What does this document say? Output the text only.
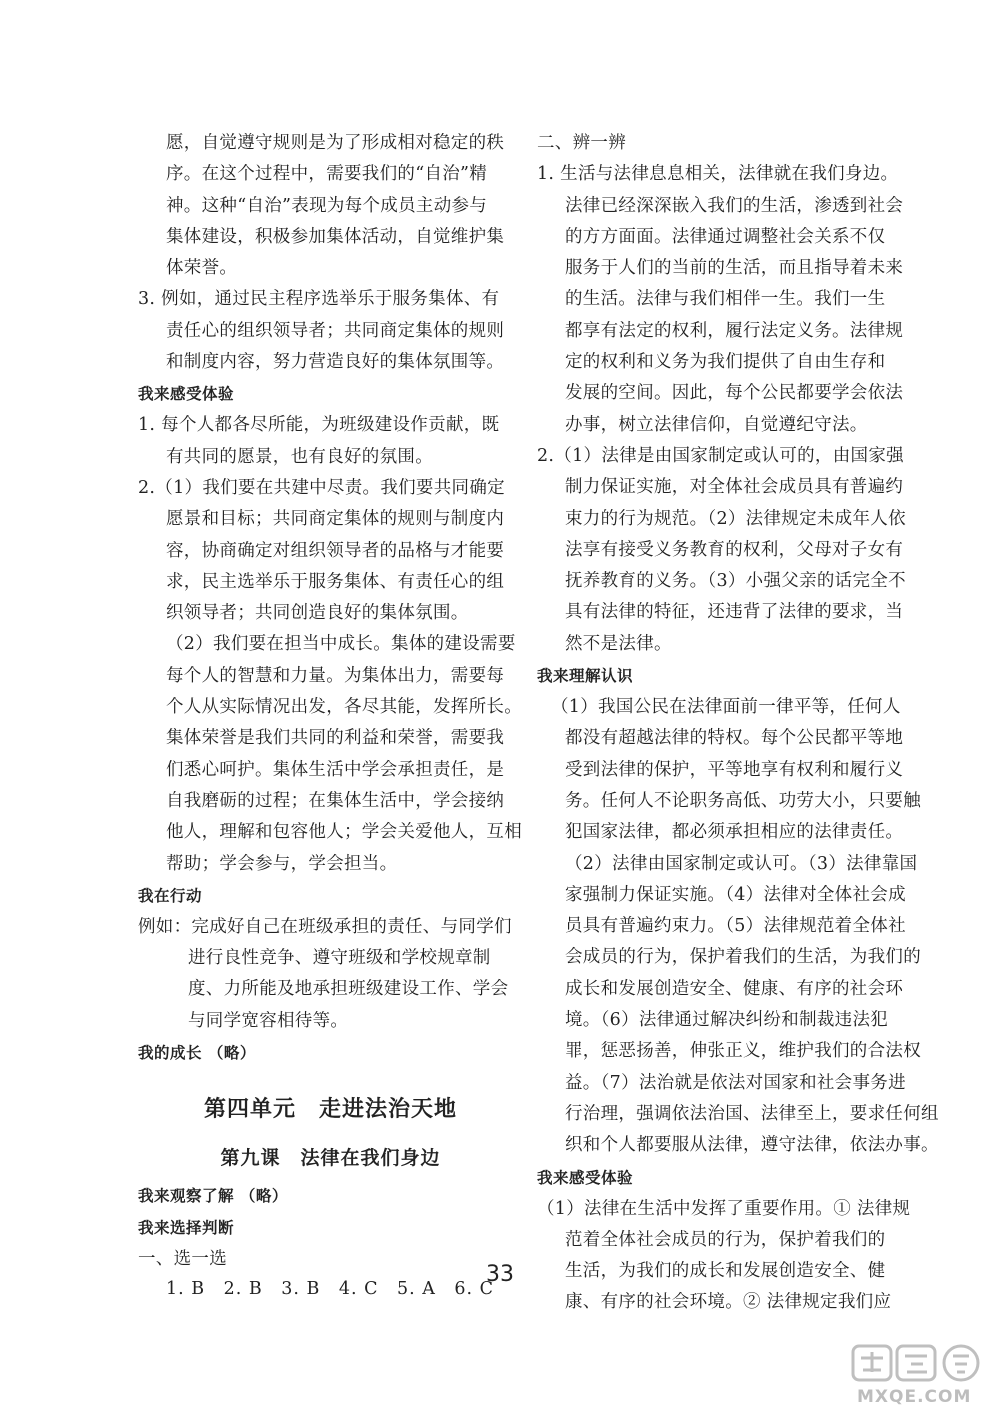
愿，自觉遵守规则是为了形成相对稳定的秩
序。在这个过程中，需要我们的“自治”精
神。这种“自治”表现为每个成员主动参与
集体建设，积极参加集体活动，自觉维护集
体荣誉。
3. 例如，通过民主程序选举乐于服务集体、有
责任心的组织领导者；共同商定集体的规则
和制度内容，努力营造良好的集体氛围等。
我来感受体验
1. 每个人都各尽所能，为班级建设作贡献，既
有共同的愿景，也有良好的氛围。
2.（1）我们要在共建中尽责。我们要共同确定
愿景和目标；共同商定集体的规则与制度内
容，协商确定对组织领导者的品格与才能要
求，民主选举乐于服务集体、有责任心的组
织领导者；共同创造良好的集体氛围。
（2）我们要在担当中成长。集体的建设需要
每个人的智慧和力量。为集体出力，需要每
个人从实际情况出发，各尽其能，发挥所长。
集体荣誉是我们共同的利益和荣誉，需要我
们悉心呵护。集体生活中学会承担责任，是
自我磨砺的过程；在集体生活中，学会接纳
他人，理解和包容他人；学会关爱他人，互相
帮助；学会参与，学会担当。
我在行动
例如：完成好自己在班级承担的责任、与同学们
进行良性竞争、遵守班级和学校规章制
度、力所能及地承担班级建设工作、学会
与同学宽容相待等。
我的成长 （略）
第四单元　走进法治天地
第九课　法律在我们身边
我来观察了解 （略）
我来选择判断
一、选一选
1. B　2. B　3. B　4. C　5. A　6. C
二、辨一辨
1. 生活与法律息息相关，法律就在我们身边。
法律已经深深嵌入我们的生活，渗透到社会
的方方面面。法律通过调整社会关系不仅
服务于人们的当前的生活，而且指导着未来
的生活。法律与我们相伴一生。我们一生
都享有法定的权利，履行法定义务。法律规
定的权利和义务为我们提供了自由生存和
发展的空间。因此，每个公民都要学会依法
办事，树立法律信仰，自觉遵纪守法。
2.（1）法律是由国家制定或认可的，由国家强
制力保证实施，对全体社会成员具有普遍约
束力的行为规范。（2）法律规定未成年人依
法享有接受义务教育的权利，父母对子女有
抚养教育的义务。（3）小强父亲的话完全不
具有法律的特征，还违背了法律的要求，当
然不是法律。
我来理解认识
（1）我国公民在法律面前一律平等，任何人
都没有超越法律的特权。每个公民都平等地
受到法律的保护，平等地享有权利和履行义
务。任何人不论职务高低、功劳大小，只要触
犯国家法律，都必须承担相应的法律责任。
（2）法律由国家制定或认可。（3）法律靠国
家强制力保证实施。（4）法律对全体社会成
员具有普遍约束力。（5）法律规范着全体社
会成员的行为，保护着我们的生活，为我们的
成长和发展创造安全、健康、有序的社会环
境。（6）法律通过解决纠纷和制裁违法犯
罪，惩恶扬善，伸张正义，维护我们的合法权
益。（7）法治就是依法对国家和社会事务进
行治理，强调依法治国、法律至上，要求任何组
织和个人都要服从法律，遵守法律，依法办事。
我来感受体验
（1）法律在生活中发挥了重要作用。① 法律规
范着全体社会成员的行为，保护着我们的
生活，为我们的成长和发展创造安全、健
康、有序的社会环境。② 法律规定我们应
33
MXQE.COM
